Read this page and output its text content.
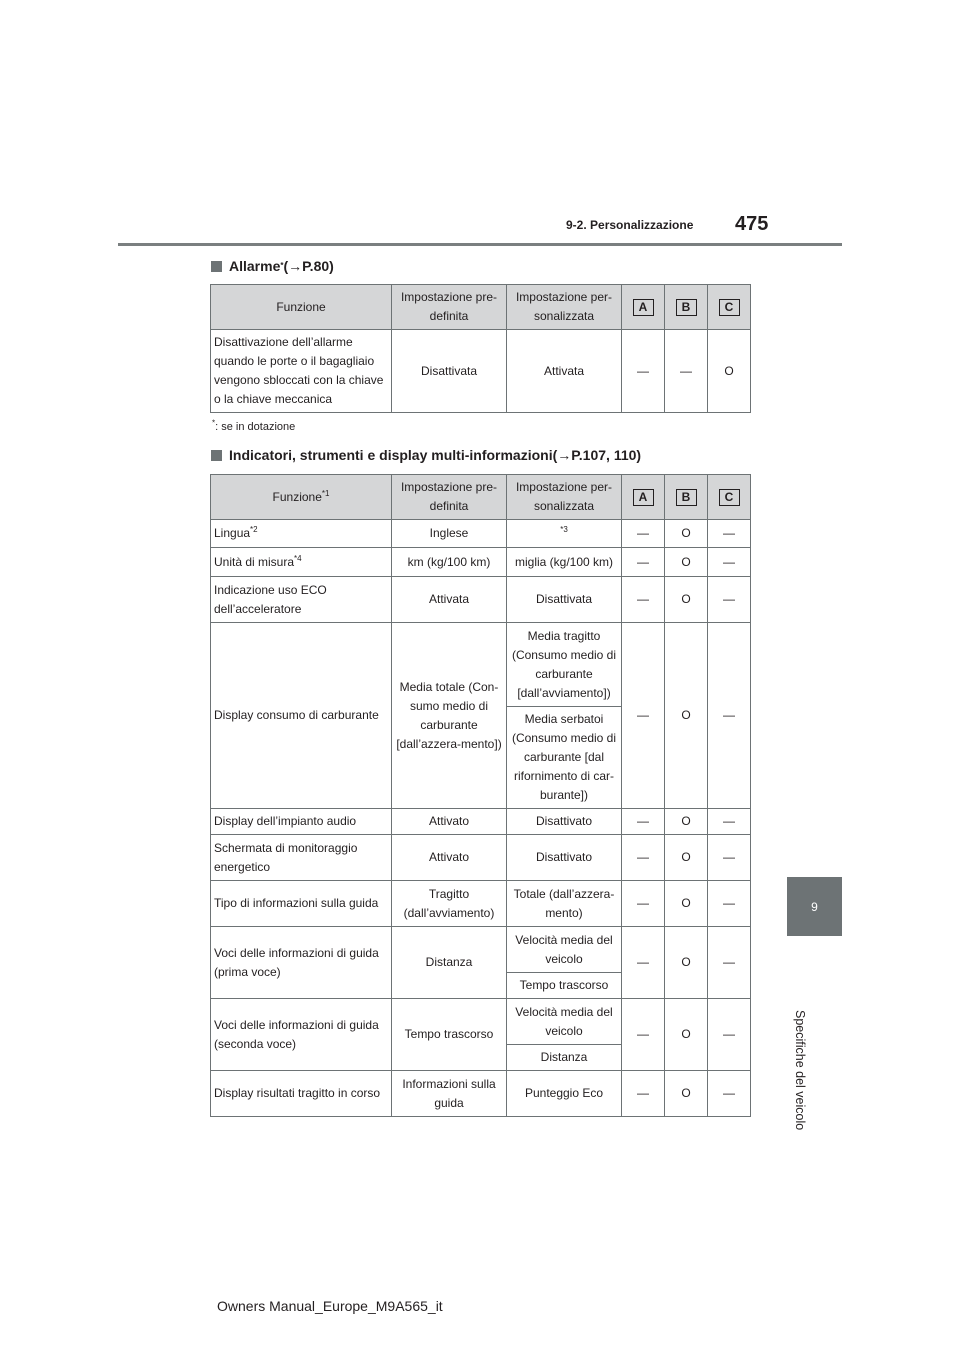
9-2. Personalizzazione 475
9
Specifiche del veicolo
Allarme * (→P.80)
Funzione	Impostazione pre-definita	Impostazione per-sonalizzata	A	B	C
Disattivazione dell’allarme quando le porte o il bagagliaio vengono sbloccati con la chiave o la chiave meccanica	Disattivata	Attivata	—	—	O
*: se in dotazione
Indicatori, strumenti e display multi-informazioni (→P.107, 110)
Funzione$^{*1}$	Impostazione pre-definita	Impostazione per-sonalizzata	A	B	C
Lingua$^{*2}$	Inglese	$^{*3}$	—	O	—
Unità di misura$^{*4}$	km (kg/100 km)	miglia (kg/100 km)	—	O	—
Indicazione uso ECO dell’acceleratore	Attivata	Disattivata	—	O	—
Display consumo di carburante	Media totale (Con-sumo medio di carburante [dall’azzera-mento])	Media tragitto (Consumo medio di carburante [dall’avviamento])	—	O	—
		Media serbatoi (Consumo medio di carburante [dal rifornimento di car-burante])			
Display dell’impianto audio	Attivato	Disattivato	—	O	—
Schermata di monitoraggio energetico	Attivato	Disattivato	—	O	—
Tipo di informazioni sulla guida	Tragitto (dall’avviamento)	Totale (dall’azzera-mento)	—	O	—
Voci delle informazioni di guida (prima voce)	Distanza	Velocità media del veicolo	—	O	—
		Tempo trascorso			
Voci delle informazioni di guida (seconda voce)	Tempo trascorso	Velocità media del veicolo	—	O	—
		Distanza			
Display risultati tragitto in corso	Informazioni sulla guida	Punteggio Eco	—	O	—
Owners Manual_Europe_M9A565_it
